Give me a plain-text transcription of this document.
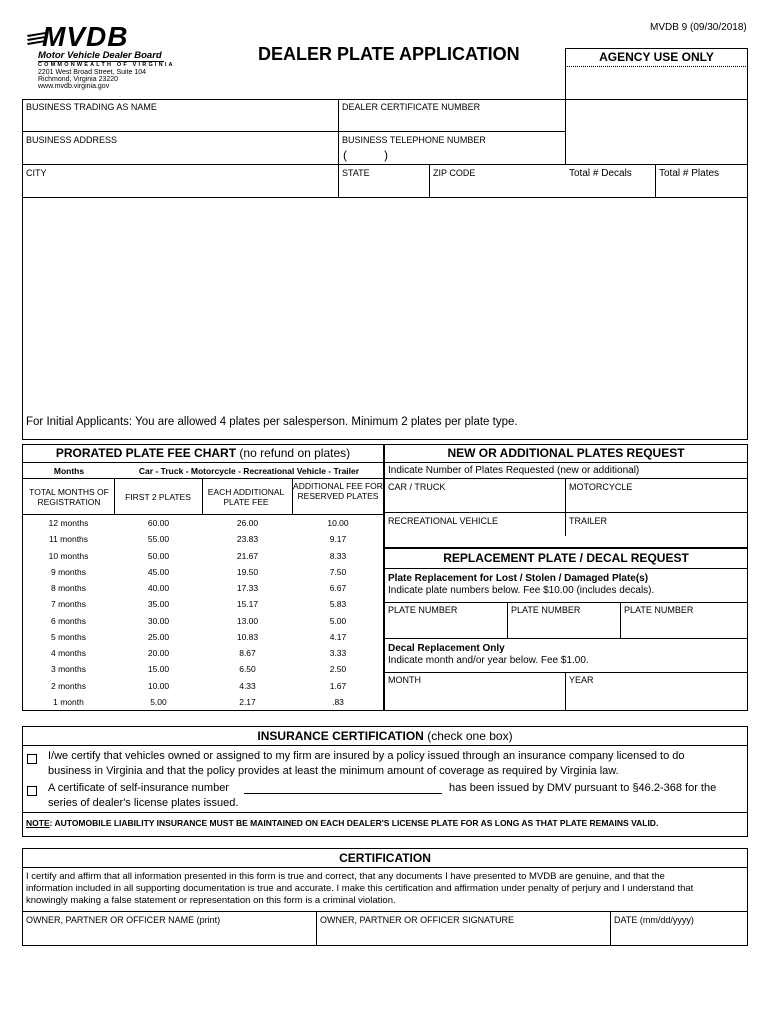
MVDB 9 (09/30/2018)
MVDB
Motor Vehicle Dealer Board
COMMONWEALTH OF VIRGINIA
2201 West Broad Street, Suite 104
Richmond, Virginia 23220
www.mvdb.virginia.gov
DEALER PLATE APPLICATION	AGENCY USE ONLY
BUSINESS TRADING AS NAME	DEALER CERTIFICATE NUMBER
BUSINESS ADDRESS	BUSINESS TELEPHONE NUMBER
(	)
CITY	STATE	ZIP CODE	Total # Decals	Total # Plates
For Initial Applicants: You are allowed 4 plates per salesperson. Minimum 2 plates per plate type.
PRORATED PLATE FEE CHART (no refund on plates)
Months	Car - Truck - Motorcycle - Recreational Vehicle - Trailer
TOTAL MONTHS OF REGISTRATION	FIRST 2 PLATES	EACH ADDITIONAL PLATE FEE
ADDITIONAL FEE FOR RESERVED PLATES
12 months	60.00	26.00	10.00
11 months	55.00	23.83	9.17
10 months	50.00	21.67	8.33
9 months	45.00	19.50	7.50
8 months	40.00	17.33	6.67
7 months	35.00	15.17	5.83
6 months	30.00	13.00	5.00
5 months	25.00	10.83	4.17
4 months	20.00	8.67	3.33
3 months	15.00	6.50	2.50
2 months	10.00	4.33	1.67
1 month	5.00	2.17	.83
NEW OR ADDITIONAL PLATES REQUEST
Indicate Number of Plates Requested (new or additional)
CAR / TRUCK	MOTORCYCLE
RECREATIONAL VEHICLE	TRAILER
REPLACEMENT PLATE / DECAL REQUEST
Plate Replacement for Lost / Stolen / Damaged Plate(s)
Indicate plate numbers below. Fee $10.00 (includes decals).
PLATE NUMBER	PLATE NUMBER	PLATE NUMBER
Decal Replacement Only
Indicate month and/or year below. Fee $1.00.
MONTH	YEAR
INSURANCE CERTIFICATION (check one box)
I/we certify that vehicles owned or assigned to my firm are insured by a policy issued through an insurance company licensed to do
business in Virginia and that the policy provides at least the minimum amount of coverage as required by Virginia law.
A certificate of self-insurance number	has been issued by DMV pursuant to §46.2-368 for the
series of dealer's license plates issued.
NOTE: AUTOMOBILE LIABILITY INSURANCE MUST BE MAINTAINED ON EACH DEALER'S LICENSE PLATE FOR AS LONG AS THAT PLATE REMAINS VALID.
CERTIFICATION
I certify and affirm that all information presented in this form is true and correct, that any documents I have presented to MVDB are genuine, and that the
information included in all supporting documentation is true and accurate. I make this certification and affirmation under penalty of perjury and I understand that
knowingly making a false statement or representation on this form is a criminal violation.
OWNER, PARTNER OR OFFICER NAME (print)	OWNER, PARTNER OR OFFICER SIGNATURE	DATE (mm/dd/yyyy)
